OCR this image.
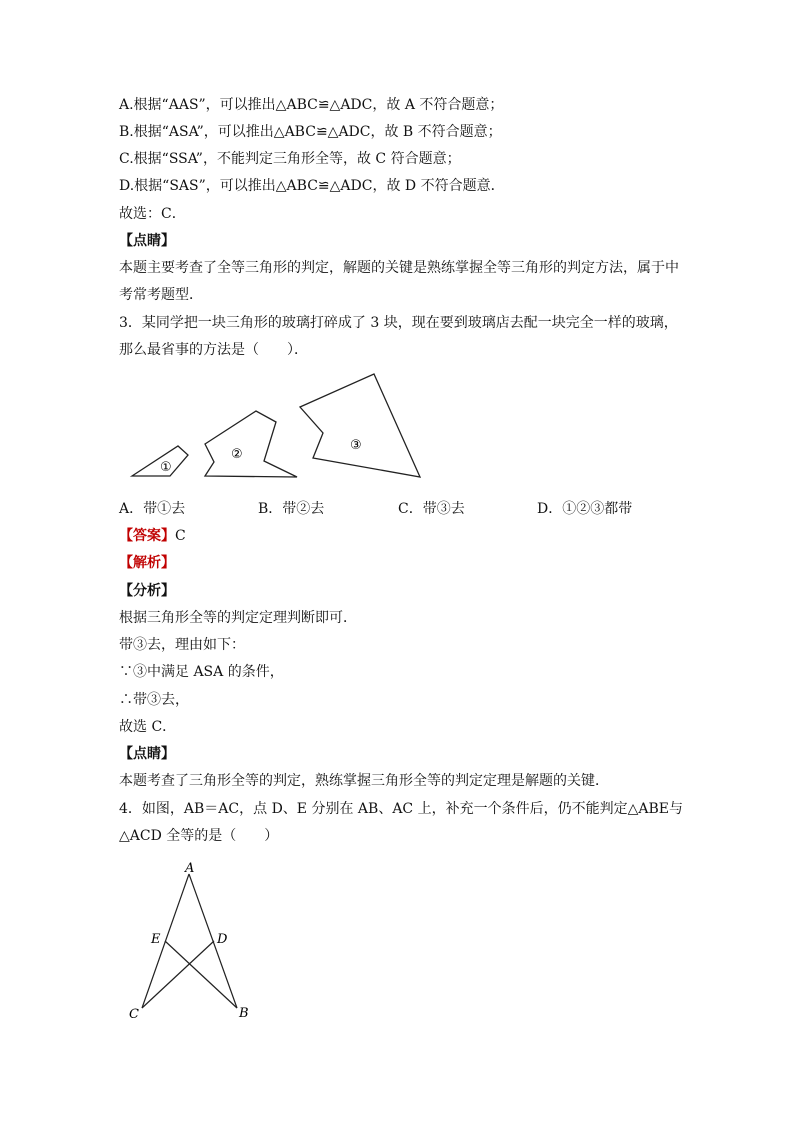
A.根据“AAS”，可以推出△ABC≌△ADC，故 A 不符合题意；
B.根据“ASA”，可以推出△ABC≌△ADC，故 B 不符合题意；
C.根据“SSA”，不能判定三角形全等，故 C 符合题意；
D.根据“SAS”，可以推出△ABC≌△ADC，故 D 不符合题意．
故选：C．
【点睛】
本题主要考查了全等三角形的判定，解题的关键是熟练掌握全等三角形的判定方法，属于中
考常考题型．
3．某同学把一块三角形的玻璃打碎成了 3 块，现在要到玻璃店去配一块完全一样的玻璃，
那么最省事的方法是（　　）．
①
②
③
A
E	D
C	B
A．带①去	B．带②去	C．带③去	D．①②③都带
【答案】C
【解析】
【分析】
根据三角形全等的判定定理判断即可．
带③去，理由如下：
∵③中满足 ASA 的条件，
∴带③去，
故选 C．
【点睛】
本题考查了三角形全等的判定，熟练掌握三角形全等的判定定理是解题的关键．
4．如图，AB＝AC，点 D、E 分别在 AB、AC 上，补充一个条件后，仍不能判定△ABE与
△ACD 全等的是（　　）
